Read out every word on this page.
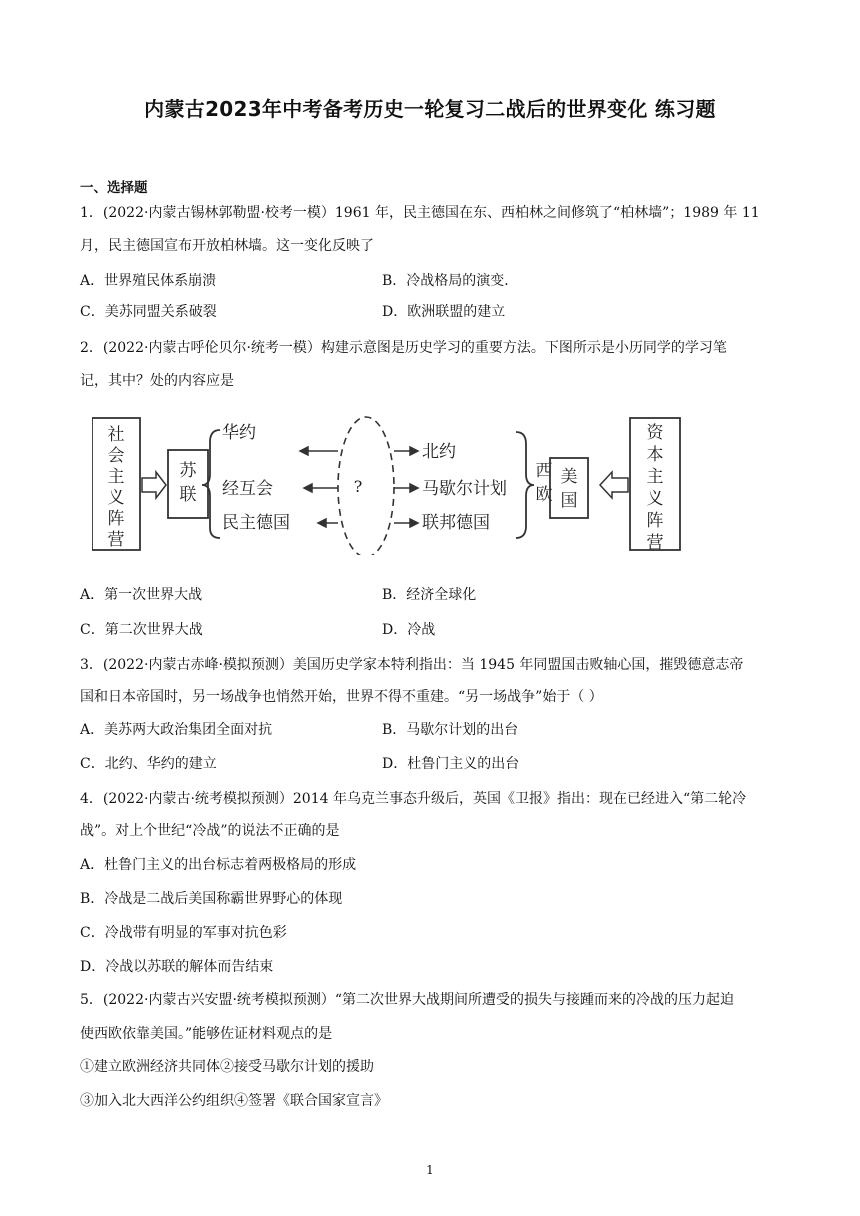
内蒙古2023年中考备考历史一轮复习二战后的世界变化 练习题
一、选择题
1．(2022·内蒙古锡林郭勒盟·校考一模）1961 年，民主德国在东、西柏林之间修筑了“柏林墙”；1989 年 11
月，民主德国宣布开放柏林墙。这一变化反映了
A．世界殖民体系崩溃	B．冷战格局的演变.
C．美苏同盟关系破裂	D．欧洲联盟的建立
2．(2022·内蒙古呼伦贝尔·统考一模）构建示意图是历史学习的重要方法。下图所示是小历同学的学习笔
记，其中？处的内容应是
社会主义阵营
苏联
华约
经互会
民主德国
?
北约
马歇尔计划
联邦德国
西欧
美国
资本主义阵营
A．第一次世界大战	B．经济全球化
C．第二次世界大战	D．冷战
3．(2022·内蒙古赤峰·模拟预测）美国历史学家本特利指出：当 1945 年同盟国击败轴心国，摧毁德意志帝
国和日本帝国时，另一场战争也悄然开始，世界不得不重建。“另一场战争”始于（ ）
A．美苏两大政治集团全面对抗	B．马歇尔计划的出台
C．北约、华约的建立	D．杜鲁门主义的出台
4．(2022·内蒙古·统考模拟预测）2014 年乌克兰事态升级后，英国《卫报》指出：现在已经进入“第二轮冷
战”。对上个世纪“冷战”的说法不正确的是
A．杜鲁门主义的出台标志着两极格局的形成
B．冷战是二战后美国称霸世界野心的体现
C．冷战带有明显的军事对抗色彩
D．冷战以苏联的解体而告结束
5．(2022·内蒙古兴安盟·统考模拟预测）“第二次世界大战期间所遭受的损失与接踵而来的冷战的压力起迫
使西欧依靠美国。”能够佐证材料观点的是
①建立欧洲经济共同体②接受马歇尔计划的援助
③加入北大西洋公约组织④签署《联合国家宣言》
1
